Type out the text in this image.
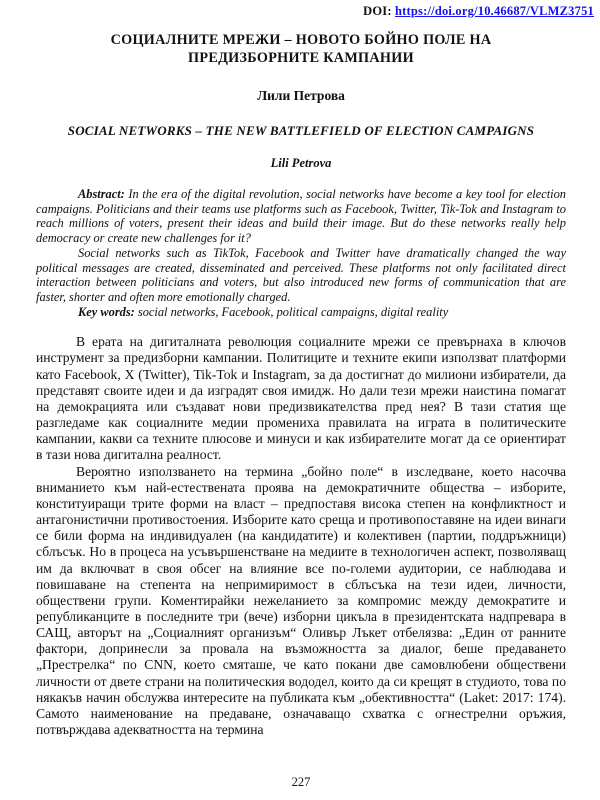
DOI: https://doi.org/10.46687/VLMZ3751
СОЦИАЛНИТЕ МРЕЖИ – НОВОТО БОЙНО ПОЛЕ НА ПРЕДИЗБОРНИТЕ КАМПАНИИ
Лили Петрова
SOCIAL NETWORKS – THE NEW BATTLEFIELD OF ELECTION CAMPAIGNS
Lili Petrova

Abstract: In the era of the digital revolution, social networks have become a key tool for election campaigns. Politicians and their teams use platforms such as Facebook, Twitter, Tik-Tok and Instagram to reach millions of voters, present their ideas and build their image. But do these networks really help democracy or create new challenges for it?

Social networks such as TikTok, Facebook and Twitter have dramatically changed the way political messages are created, disseminated and perceived. These platforms not only facilitated direct interaction between politicians and voters, but also introduced new forms of communication that are faster, shorter and often more emotionally charged.

Key words: social networks, Facebook, political campaigns, digital reality

В ерата на дигиталната революция социалните мрежи се превърнаха в ключов инструмент за предизборни кампании. Политиците и техните екипи използват платформи като Facebook, X (Twitter), Tik-Tok и Instagram, за да достигнат до милиони избиратели, да представят своите идеи и да изградят своя имидж. Но дали тези мрежи наистина помагат на демокрацията или създават нови предизвикателства пред нея? В тази статия ще разгледаме как социалните медии промениха правилата на играта в политическите кампании, какви са техните плюсове и минуси и как избирателите могат да се ориентират в тази нова дигитална реалност.

Вероятно използването на термина „бойно поле“ в изследване, което насочва вниманието към най-естествената проява на демократичните общества – изборите, конституиращи трите форми на власт – предпоставя висока степен на конфликтност и антагонистични противостоения. Изборите като среща и противопоставяне на идеи винаги се били форма на индивидуален (на кандидатите) и колективен (партии, поддръжници) сблъсък. Но в процеса на усъвършенстване на медиите в технологичен аспект, позволяващ им да включват в своя обсег на влияние все по-големи аудитории, се наблюдава и повишаване на степента на непримиримост в сблъсъка на тези идеи, личности, обществени групи. Коментирайки нежеланието за компромис между демократите и републиканците в последните три (вече) изборни цикъла в президентската надпревара в САЩ, авторът на „Социалният организъм“ Оливър Лъкет отбелязва: „Един от ранните фактори, допринесли за провала на възможността за диалог, беше предаването „Престрелка“ по CNN, което смяташе, че като покани две самовлюбени обществени личности от двете страни на политическия вододел, които да си крещят в студиото, това по някакъв начин обслужва интересите на публиката към „обективността“ (Laket: 2017: 174). Самото наименование на предаване, означаващо схватка с огнестрелни оръжия, потвърждава адекватността на термина

227
